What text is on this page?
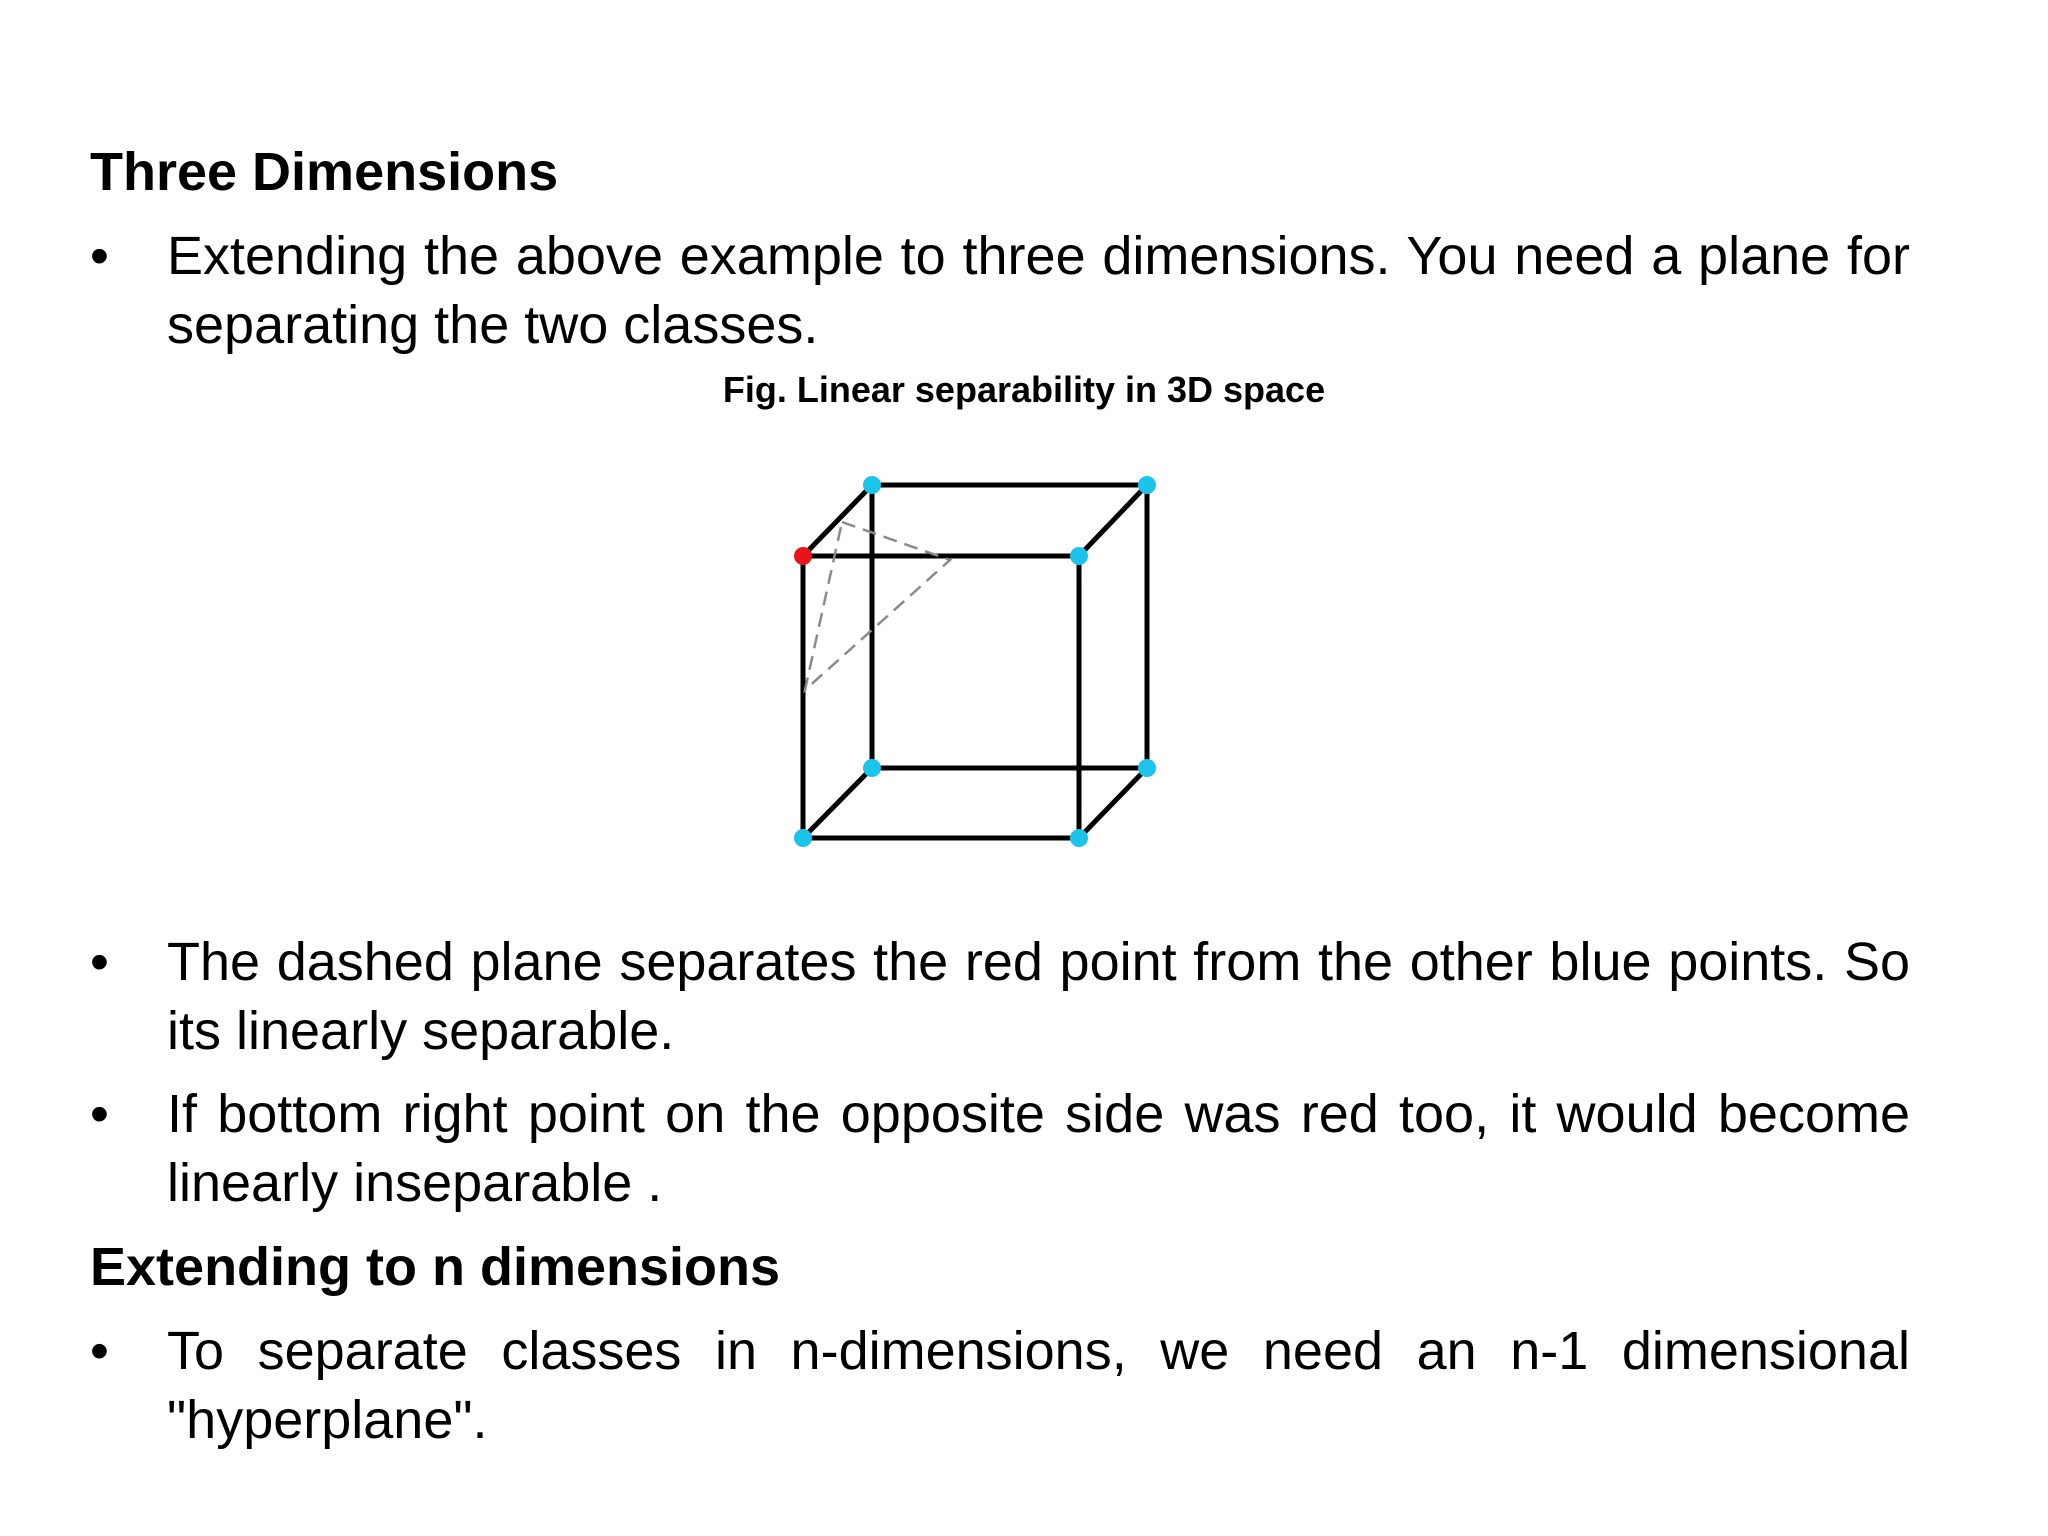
Three Dimensions
•	Extending the above example to three dimensions. You need a plane for separating the two classes.

Fig. Linear separability in 3D space

•	The dashed plane separates the red point from the other blue points. So its linearly separable.

•	If bottom right point on the opposite side was red too, it would become linearly inseparable .

Extending to n dimensions
•	To separate classes in n-dimensions, we need an n-1 dimensional "hyperplane".
